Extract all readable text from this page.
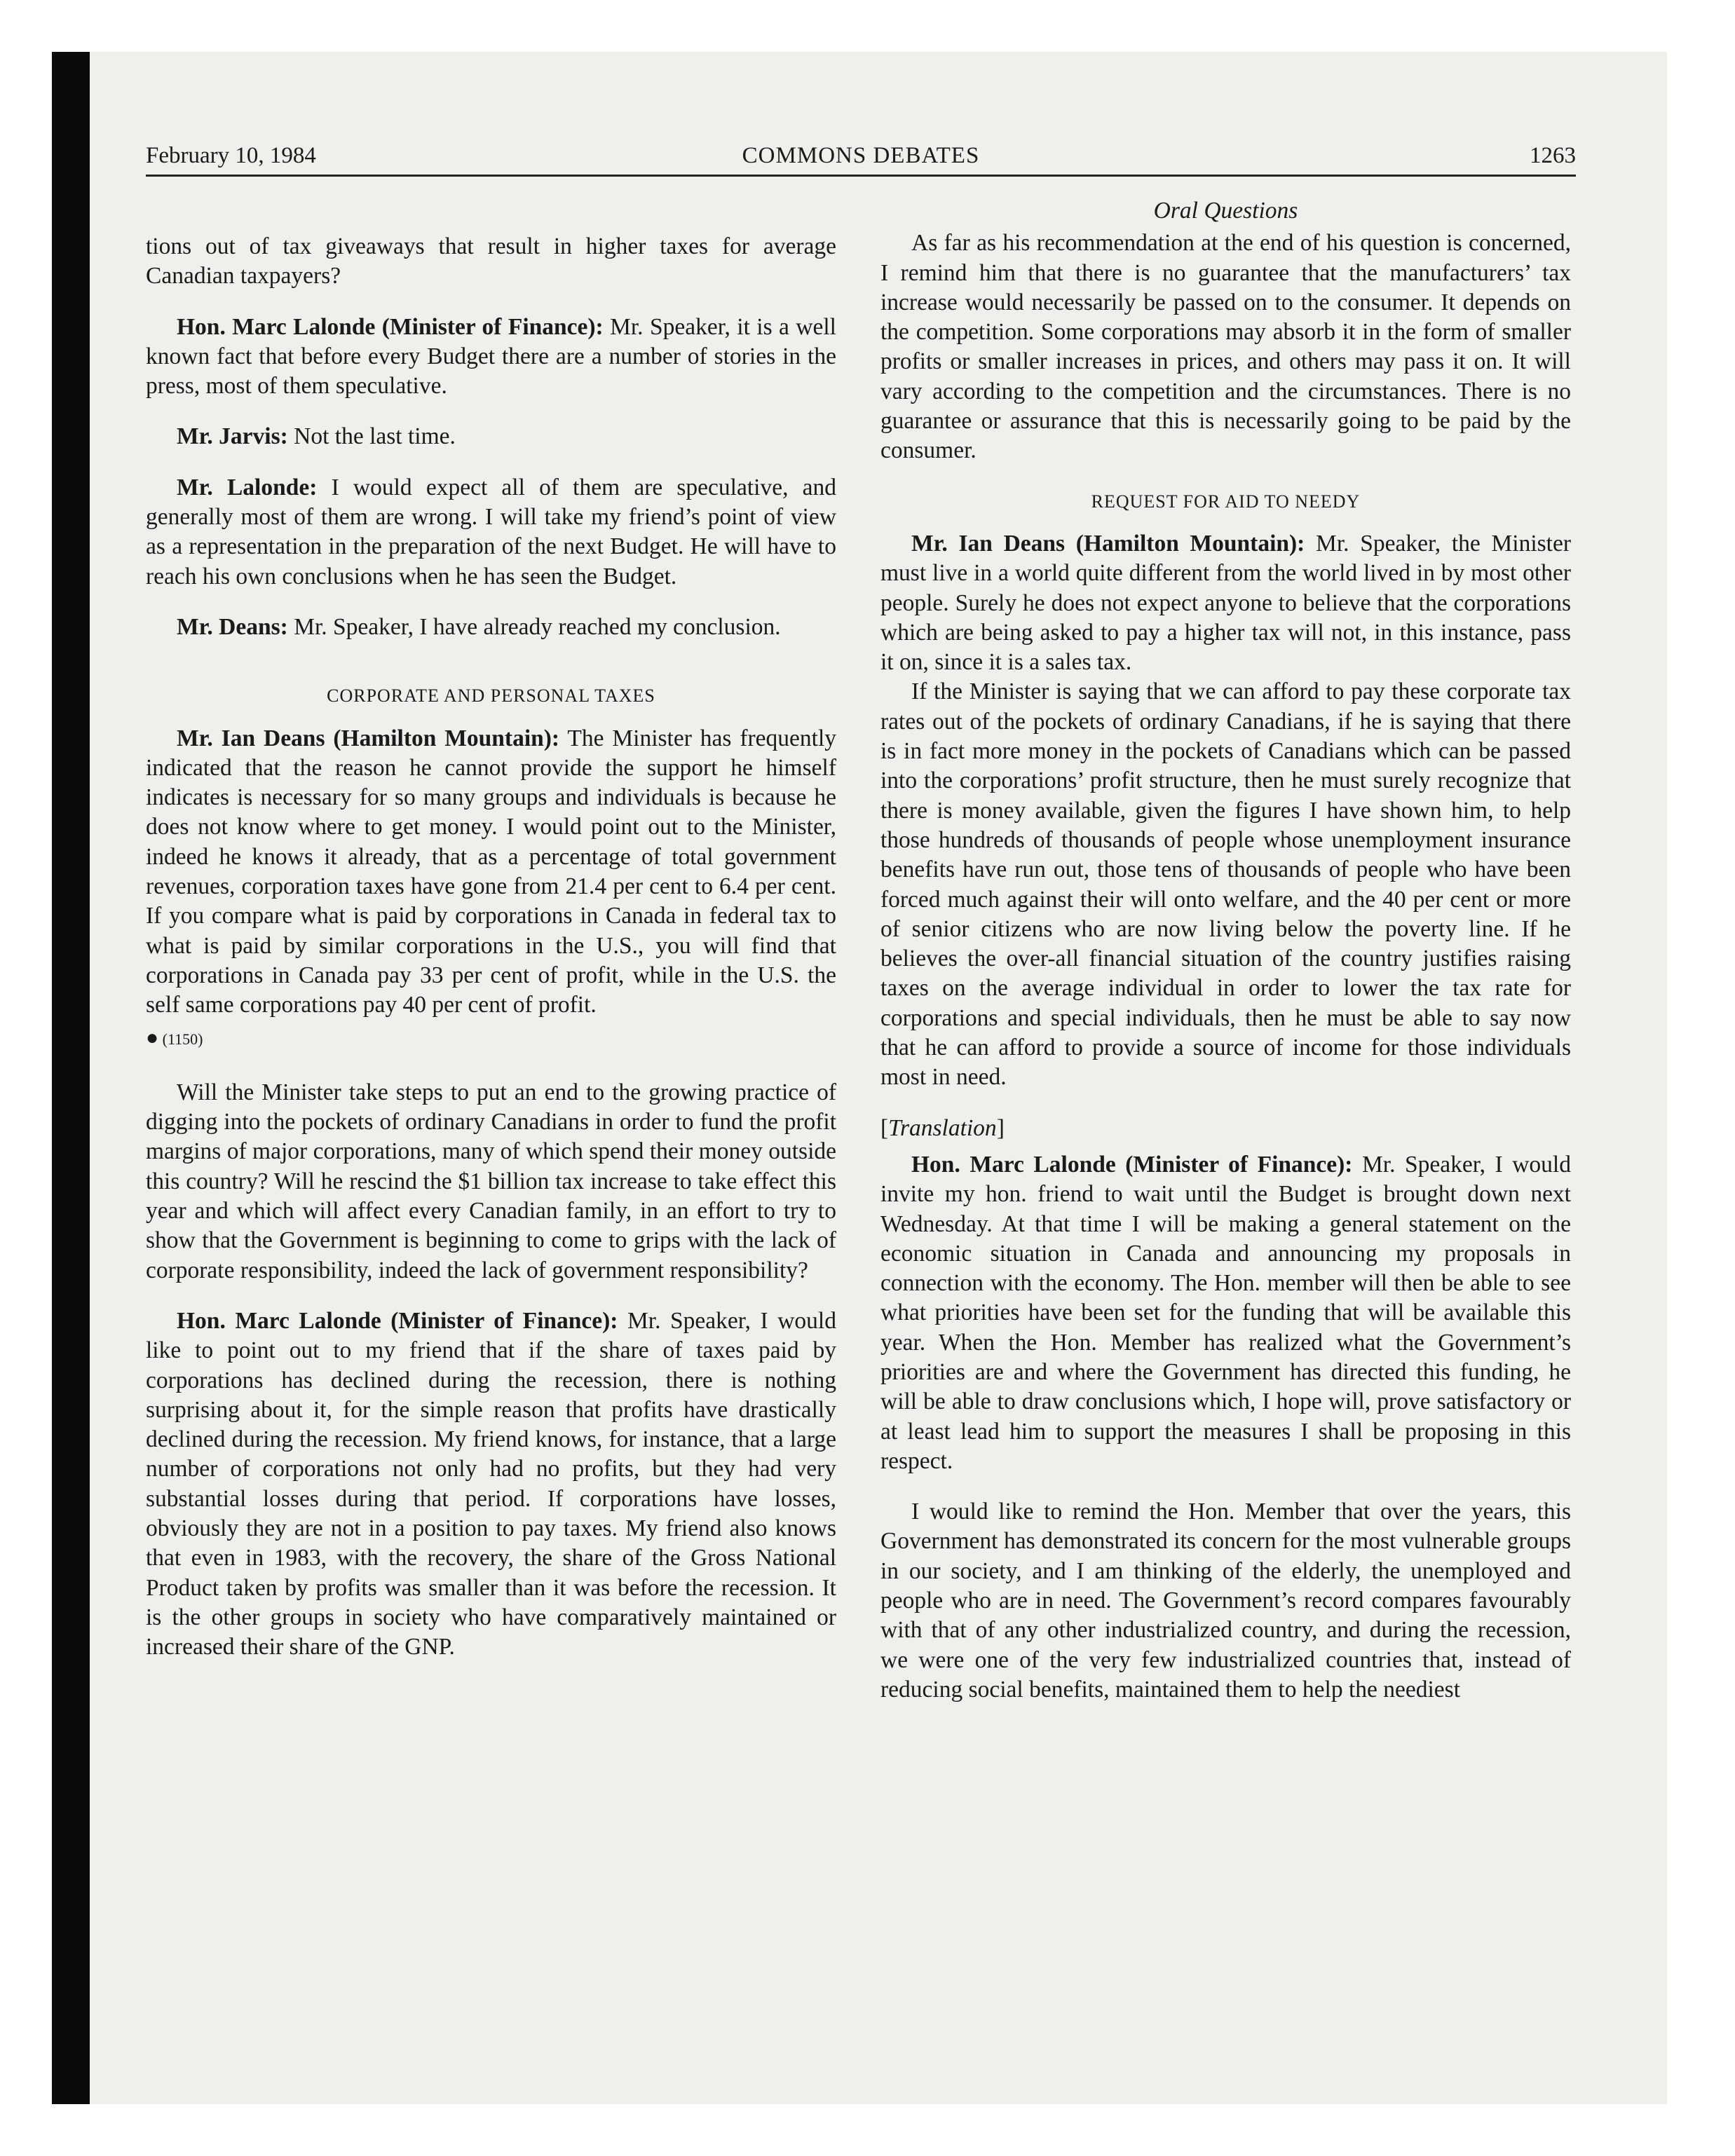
February 10, 1984	COMMONS DEBATES	1263

tions out of tax giveaways that result in higher taxes for average Canadian taxpayers?

Hon. Marc Lalonde (Minister of Finance): Mr. Speaker, it is a well known fact that before every Budget there are a number of stories in the press, most of them speculative.

Mr. Jarvis: Not the last time.

Mr. Lalonde: I would expect all of them are speculative, and generally most of them are wrong. I will take my friend’s point of view as a representation in the preparation of the next Budget. He will have to reach his own conclusions when he has seen the Budget.

Mr. Deans: Mr. Speaker, I have already reached my conclusion.

CORPORATE AND PERSONAL TAXES

Mr. Ian Deans (Hamilton Mountain): The Minister has frequently indicated that the reason he cannot provide the support he himself indicates is necessary for so many groups and individuals is because he does not know where to get money. I would point out to the Minister, indeed he knows it already, that as a percentage of total government revenues, corporation taxes have gone from 21.4 per cent to 6.4 per cent. If you compare what is paid by corporations in Canada in federal tax to what is paid by similar corporations in the U.S., you will find that corporations in Canada pay 33 per cent of profit, while in the U.S. the self same corporations pay 40 per cent of profit.

● (1150)

Will the Minister take steps to put an end to the growing practice of digging into the pockets of ordinary Canadians in order to fund the profit margins of major corporations, many of which spend their money outside this country? Will he rescind the $1 billion tax increase to take effect this year and which will affect every Canadian family, in an effort to try to show that the Government is beginning to come to grips with the lack of corporate responsibility, indeed the lack of government responsibility?

Hon. Marc Lalonde (Minister of Finance): Mr. Speaker, I would like to point out to my friend that if the share of taxes paid by corporations has declined during the recession, there is nothing surprising about it, for the simple reason that profits have drastically declined during the recession. My friend knows, for instance, that a large number of corporations not only had no profits, but they had very substantial losses during that period. If corporations have losses, obviously they are not in a position to pay taxes. My friend also knows that even in 1983, with the recovery, the share of the Gross National Product taken by profits was smaller than it was before the recession. It is the other groups in society who have comparatively maintained or increased their share of the GNP.

Oral Questions

As far as his recommendation at the end of his question is concerned, I remind him that there is no guarantee that the manufacturers’ tax increase would necessarily be passed on to the consumer. It depends on the competition. Some corporations may absorb it in the form of smaller profits or smaller increases in prices, and others may pass it on. It will vary according to the competition and the circumstances. There is no guarantee or assurance that this is necessarily going to be paid by the consumer.

REQUEST FOR AID TO NEEDY

Mr. Ian Deans (Hamilton Mountain): Mr. Speaker, the Minister must live in a world quite different from the world lived in by most other people. Surely he does not expect anyone to believe that the corporations which are being asked to pay a higher tax will not, in this instance, pass it on, since it is a sales tax.

If the Minister is saying that we can afford to pay these corporate tax rates out of the pockets of ordinary Canadians, if he is saying that there is in fact more money in the pockets of Canadians which can be passed into the corporations’ profit structure, then he must surely recognize that there is money available, given the figures I have shown him, to help those hundreds of thousands of people whose unemployment insurance benefits have run out, those tens of thousands of people who have been forced much against their will onto welfare, and the 40 per cent or more of senior citizens who are now living below the poverty line. If he believes the over-all financial situation of the country justifies raising taxes on the average individual in order to lower the tax rate for corporations and special individuals, then he must be able to say now that he can afford to provide a source of income for those individuals most in need.

[Translation]

Hon. Marc Lalonde (Minister of Finance): Mr. Speaker, I would invite my hon. friend to wait until the Budget is brought down next Wednesday. At that time I will be making a general statement on the economic situation in Canada and announcing my proposals in connection with the economy. The Hon. member will then be able to see what priorities have been set for the funding that will be available this year. When the Hon. Member has realized what the Government’s priorities are and where the Government has directed this funding, he will be able to draw conclusions which, I hope will, prove satisfactory or at least lead him to support the measures I shall be proposing in this respect.

I would like to remind the Hon. Member that over the years, this Government has demonstrated its concern for the most vulnerable groups in our society, and I am thinking of the elderly, the unemployed and people who are in need. The Government’s record compares favourably with that of any other industrialized country, and during the recession, we were one of the very few industrialized countries that, instead of reducing social benefits, maintained them to help the neediest
